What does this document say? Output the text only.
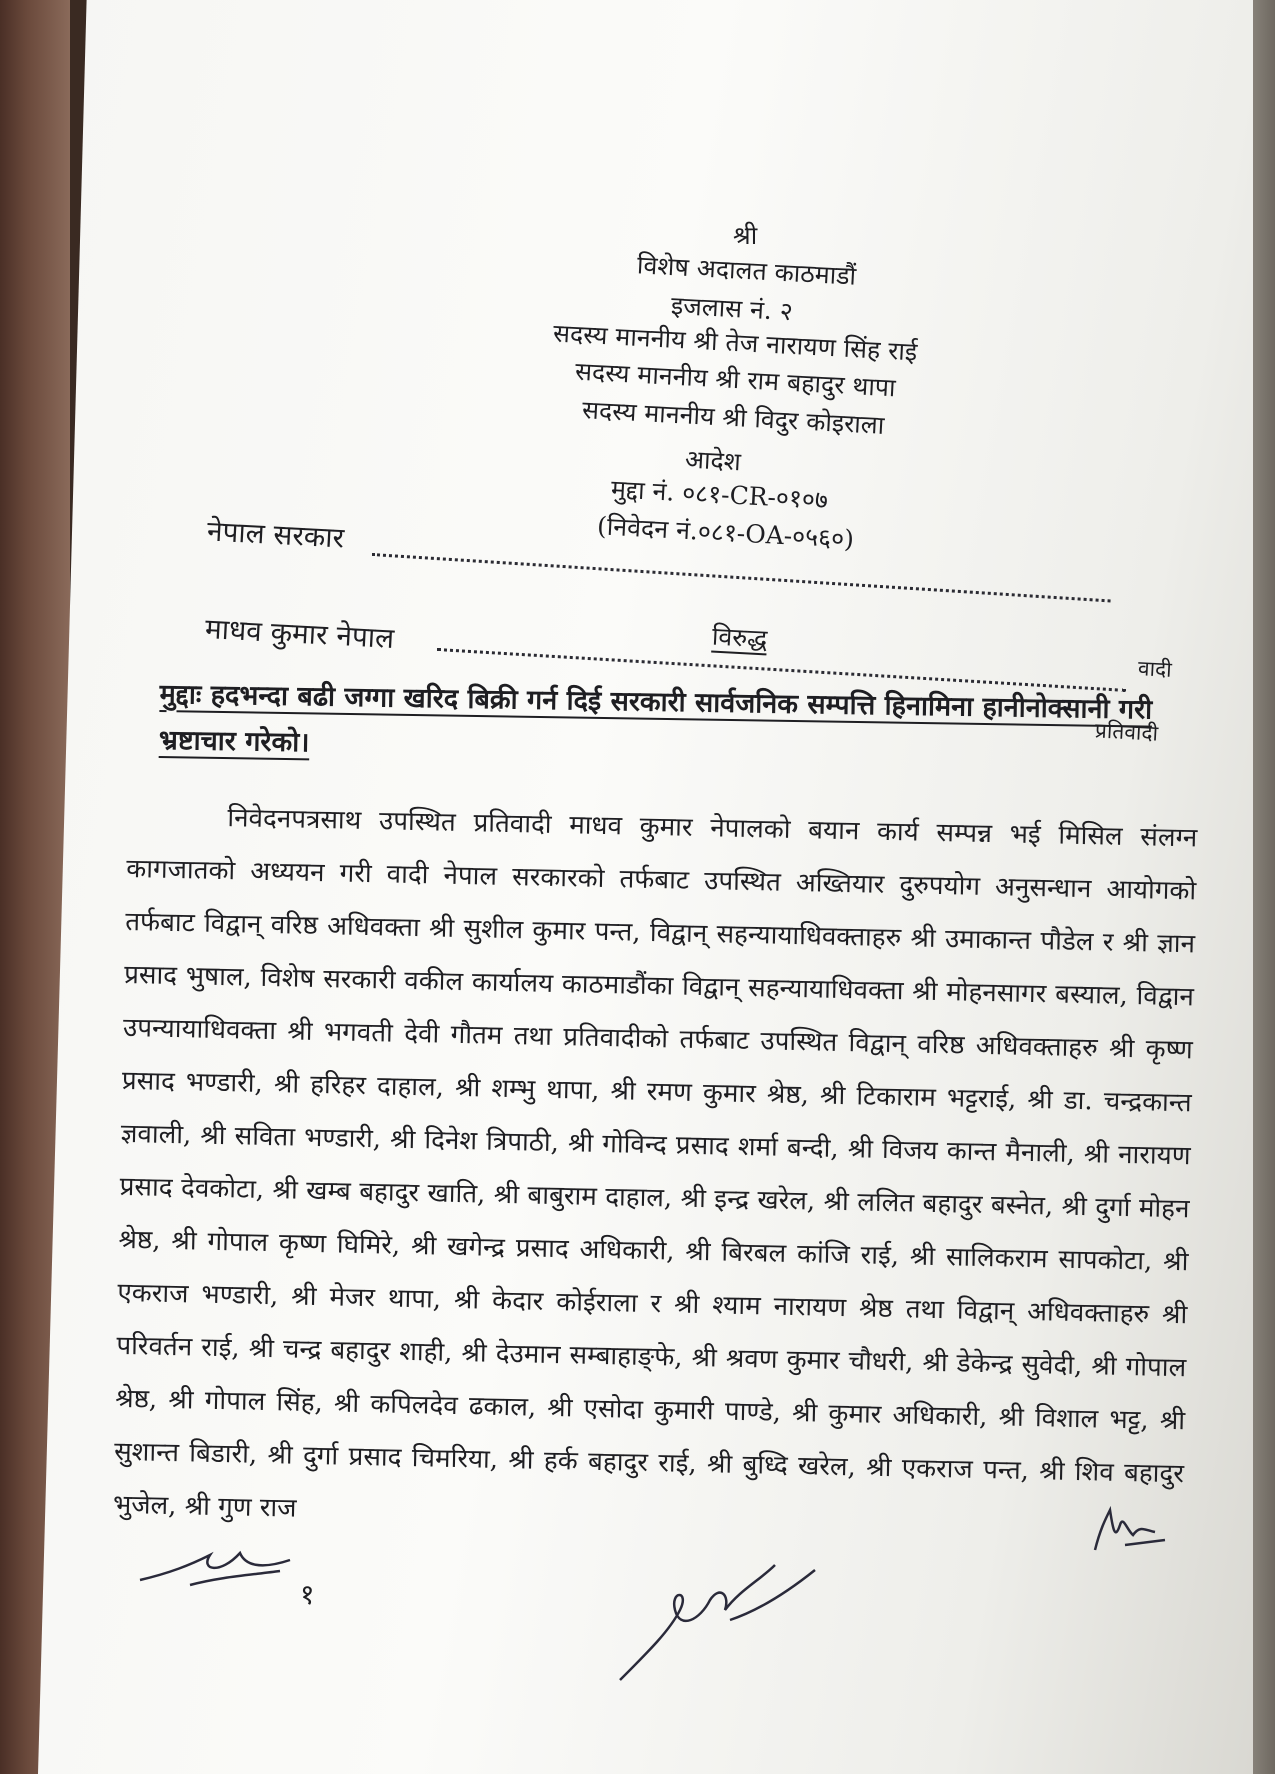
श्री
विशेष अदालत काठमाडौं
इजलास नं. २
सदस्य माननीय श्री तेज नारायण सिंह राई
सदस्य माननीय श्री राम बहादुर थापा
सदस्य माननीय श्री विदुर कोइराला
आदेश
मुद्दा नं. ०८१-CR-०१०७
(निवेदन नं.०८१-OA-०५६०)
नेपाल सरकार
विरुद्ध
माधव कुमार नेपाल
वादी
प्रतिवादी
मुद्दाः हदभन्दा बढी जग्गा खरिद बिक्री गर्न दिई सरकारी सार्वजनिक सम्पत्ति हिनामिना हानीनोक्सानी गरी भ्रष्टाचार गरेको।
निवेदनपत्रसाथ उपस्थित प्रतिवादी माधव कुमार नेपालको बयान कार्य सम्पन्न भई मिसिल संलग्न कागजातको अध्ययन गरी वादी नेपाल सरकारको तर्फबाट उपस्थित अख्तियार दुरुपयोग अनुसन्धान आयोगको तर्फबाट विद्वान् वरिष्ठ अधिवक्ता श्री सुशील कुमार पन्त, विद्वान् सहन्यायाधिवक्ताहरु श्री उमाकान्त पौडेल र श्री ज्ञान प्रसाद भुषाल, विशेष सरकारी वकील कार्यालय काठमाडौंका विद्वान् सहन्यायाधिवक्ता श्री मोहनसागर बस्याल, विद्वान उपन्यायाधिवक्ता श्री भगवती देवी गौतम तथा प्रतिवादीको तर्फबाट उपस्थित विद्वान् वरिष्ठ अधिवक्ताहरु श्री कृष्ण प्रसाद भण्डारी, श्री हरिहर दाहाल, श्री शम्भु थापा, श्री रमण कुमार श्रेष्ठ, श्री टिकाराम भट्टराई, श्री डा. चन्द्रकान्त ज्ञवाली, श्री सविता भण्डारी, श्री दिनेश त्रिपाठी, श्री गोविन्द प्रसाद शर्मा बन्दी, श्री विजय कान्त मैनाली, श्री नारायण प्रसाद देवकोटा, श्री खम्ब बहादुर खाति, श्री बाबुराम दाहाल, श्री इन्द्र खरेल, श्री ललित बहादुर बस्नेत, श्री दुर्गा मोहन श्रेष्ठ, श्री गोपाल कृष्ण घिमिरे, श्री खगेन्द्र प्रसाद अधिकारी, श्री बिरबल कांजि राई, श्री सालिकराम सापकोटा, श्री एकराज भण्डारी, श्री मेजर थापा, श्री केदार कोईराला र श्री श्याम नारायण श्रेष्ठ तथा विद्वान् अधिवक्ताहरु श्री परिवर्तन राई, श्री चन्द्र बहादुर शाही, श्री देउमान सम्बाहाङ्फे, श्री श्रवण कुमार चौधरी, श्री डेकेन्द्र सुवेदी, श्री गोपाल श्रेष्ठ, श्री गोपाल सिंह, श्री कपिलदेव ढकाल, श्री एसोदा कुमारी पाण्डे, श्री कुमार अधिकारी, श्री विशाल भट्ट, श्री सुशान्त बिडारी, श्री दुर्गा प्रसाद चिमरिया, श्री हर्क बहादुर राई, श्री बुध्दि खरेल, श्री एकराज पन्त, श्री शिव बहादुर भुजेल, श्री गुण राज
१
